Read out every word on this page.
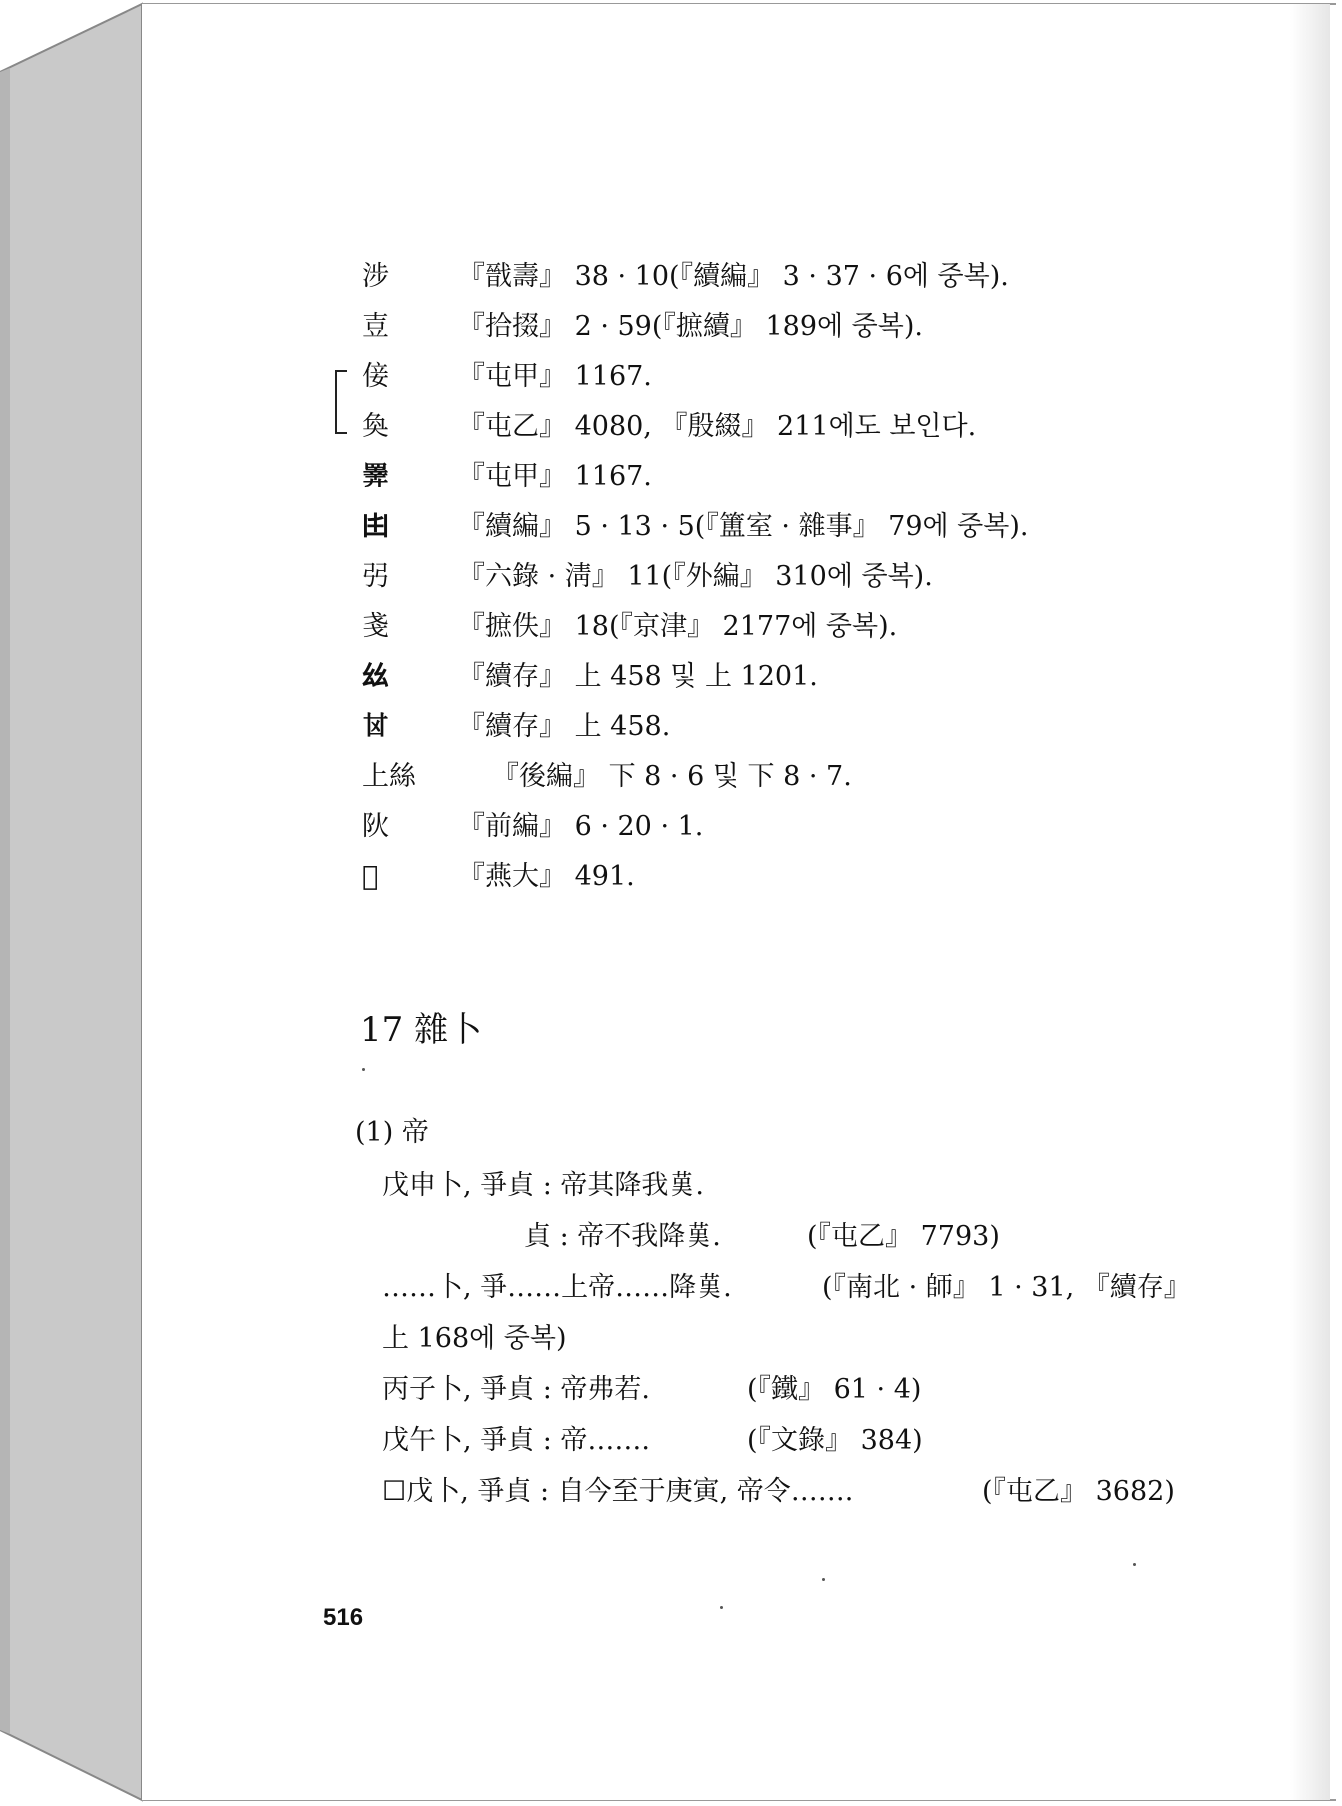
涉	『戩壽』 38 · 10(『續編』 3 · 37 · 6에 중복).
壴	『拾掇』 2 · 59(『摭續』 189에 중복).
倿	『屯甲』 1167.
奐	『屯乙』 4080, 『殷綴』 211에도 보인다.
𢍰	『屯甲』 1167.
𠙹	『續編』 5 · 13 · 5(『簠室 · 雜事』 79에 중복).
弜	『六錄 · 淸』 11(『外編』 310에 중복).
戔	『摭佚』 18(『京津』 2177에 중복).
𢆶	『續存』 上 458 및 上 1201.
𠀠	『續存』 上 458.
上絲	『後編』 下 8 · 6 및 下 8 · 7.
阦	『前編』 6 · 20 · 1.
𦸼	『燕大』 491.
17 雜卜
(1) 帝
戊申卜, 爭貞 : 帝其降我𦰩.
貞 : 帝不我降𦰩.	(『屯乙』 7793)
……卜, 爭……上帝……降𦰩.	(『南北 · 師』 1 · 31, 『續存』
上 168에 중복)
丙子卜, 爭貞 : 帝弗若.	(『鐵』 61 · 4)
戊午卜, 爭貞 : 帝…….	(『文錄』 384)
☐戊卜, 爭貞 : 自今至于庚寅, 帝令…….	(『屯乙』 3682)
516
